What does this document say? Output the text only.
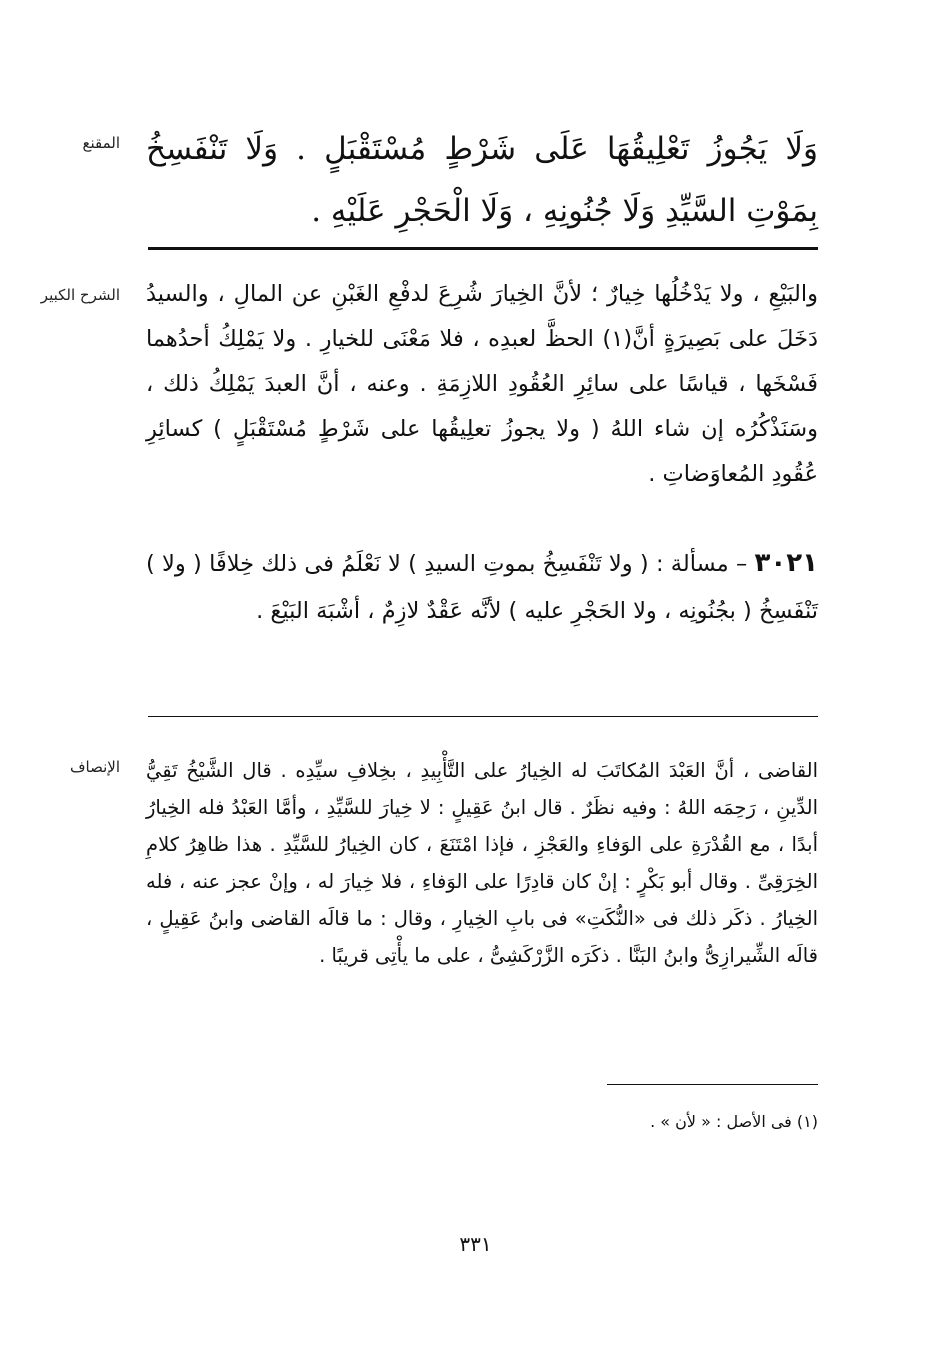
المقنع وَلَا يَجُوزُ تَعْلِيقُهَا عَلَى شَرْطٍ مُسْتَقْبَلٍ . وَلَا تَنْفَسِخُ بِمَوْتِ السَّيِّدِ وَلَا جُنُونِهِ ، وَلَا الْحَجْرِ عَلَيْهِ .

الشرح الكبير والبَيْعِ ، ولا يَدْخُلُها خِيارٌ ؛ لأنَّ الخِيارَ شُرِعَ لدفْعِ الغَبْنِ عن المالِ ، والسيدُ دَخَلَ على بَصِيرَةٍ أنَّ(١) الحظَّ لعبدِه ، فلا مَعْنَى للخيارِ . ولا يَمْلِكُ أحدُهما فَسْخَها ، قياسًا على سائِرِ العُقُودِ اللازِمَةِ . وعنه ، أنَّ العبدَ يَمْلِكُ ذلك ، وسَنَذْكُرُه إن شاء اللهُ ( ولا يجوزُ تعلِيقُها على شَرْطٍ مُسْتَقْبَلٍ ) كسائِرِ عُقُودِ المُعاوَضاتِ .

٣٠٢١ – مسألة : ( ولا تَنْفَسِخُ بموتِ السيدِ ) لا نَعْلَمُ فى ذلك خِلافًا ( ولا ) تَنْفَسِخُ ( بجُنُونِه ، ولا الحَجْرِ عليه ) لأنَّه عَقْدٌ لازِمٌ ، أشْبَهَ البَيْعَ .

الإنصاف القاضى ، أنَّ العَبْدَ المُكاتَبَ له الخِيارُ على التَّأْبِيدِ ، بخِلافِ سيِّدِه . قال الشَّيْخُ تَقِيُّ الدِّينِ ، رَحِمَه اللهُ : وفيه نظَرٌ . قال ابنُ عَقِيلٍ : لا خِيارَ للسَّيِّدِ ، وأمَّا العَبْدُ فله الخِيارُ أبدًا ، مع القُدْرَةِ على الوَفاءِ والعَجْزِ ، فإذا امْتَنَعَ ، كان الخِيارُ للسَّيِّدِ . هذا ظاهِرُ كلامِ الخِرَقِىِّ . وقال أبو بَكْرٍ : إنْ كان قادِرًا على الوَفاءِ ، فلا خِيارَ له ، وإنْ عجز عنه ، فله الخِيارُ . ذكَر ذلك فى «النُّكَتِ» فى بابِ الخِيارِ ، وقال : ما قالَه القاضى وابنُ عَقِيلٍ ، قالَه الشِّيرازِىُّ وابنُ البَنَّا . ذكَرَه الزَّرْكَشِىُّ ، على ما يأْتِى قريبًا .

(١) فى الأصل : « لأن » .
٣٣١
